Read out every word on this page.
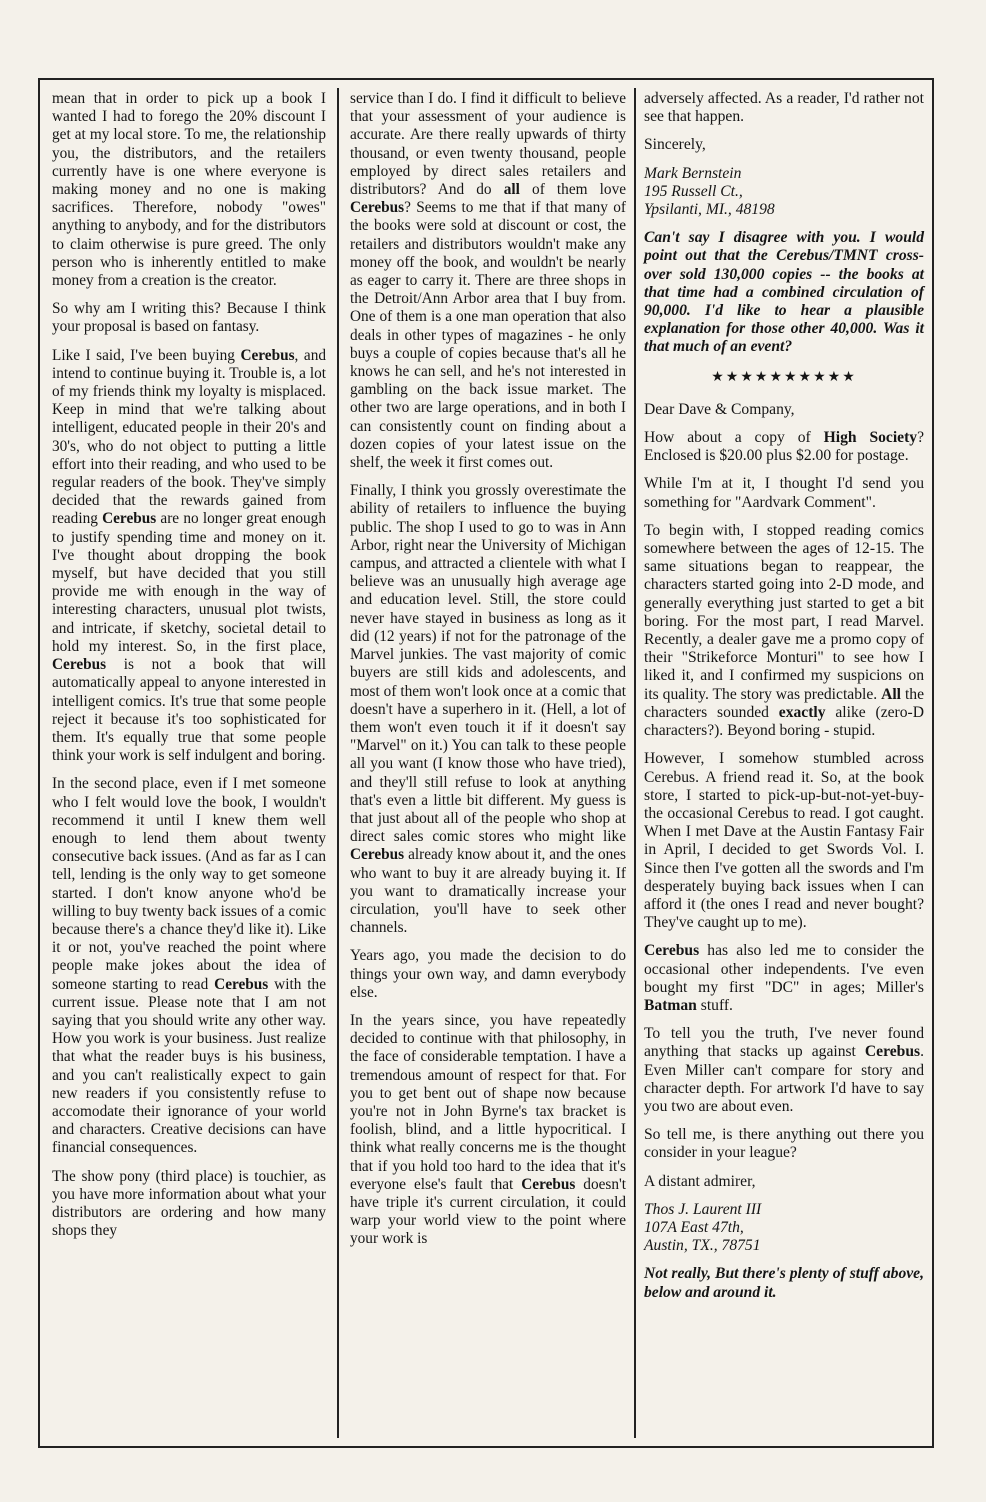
mean that in order to pick up a book I wanted I had to forego the 20% discount I get at my local store. To me, the relationship you, the distributors, and the retailers currently have is one where everyone is making money and no one is making sacrifices. Therefore, nobody "owes" anything to anybody, and for the distributors to claim otherwise is pure greed. The only person who is inherently entitled to make money from a creation is the creator.

So why am I writing this? Because I think your proposal is based on fantasy.

Like I said, I've been buying Cerebus, and intend to continue buying it. Trouble is, a lot of my friends think my loyalty is misplaced. Keep in mind that we're talking about intelligent, educated people in their 20's and 30's, who do not object to putting a little effort into their reading, and who used to be regular readers of the book. They've simply decided that the rewards gained from reading Cerebus are no longer great enough to justify spending time and money on it. I've thought about dropping the book myself, but have decided that you still provide me with enough in the way of interesting characters, unusual plot twists, and intricate, if sketchy, societal detail to hold my interest. So, in the first place, Cerebus is not a book that will automatically appeal to anyone interested in intelligent comics. It's true that some people reject it because it's too sophisticated for them. It's equally true that some people think your work is self indulgent and boring.

In the second place, even if I met someone who I felt would love the book, I wouldn't recommend it until I knew them well enough to lend them about twenty consecutive back issues. (And as far as I can tell, lending is the only way to get someone started. I don't know anyone who'd be willing to buy twenty back issues of a comic because there's a chance they'd like it). Like it or not, you've reached the point where people make jokes about the idea of someone starting to read Cerebus with the current issue. Please note that I am not saying that you should write any other way. How you work is your business. Just realize that what the reader buys is his business, and you can't realistically expect to gain new readers if you consistently refuse to accomodate their ignorance of your world and characters. Creative decisions can have financial consequences.

The show pony (third place) is touchier, as you have more information about what your distributors are ordering and how many shops they

service than I do. I find it difficult to believe that your assessment of your audience is accurate. Are there really upwards of thirty thousand, or even twenty thousand, people employed by direct sales retailers and distributors? And do all of them love Cerebus? Seems to me that if that many of the books were sold at discount or cost, the retailers and distributors wouldn't make any money off the book, and wouldn't be nearly as eager to carry it. There are three shops in the Detroit/Ann Arbor area that I buy from. One of them is a one man operation that also deals in other types of magazines - he only buys a couple of copies because that's all he knows he can sell, and he's not interested in gambling on the back issue market. The other two are large operations, and in both I can consistently count on finding about a dozen copies of your latest issue on the shelf, the week it first comes out.

Finally, I think you grossly overestimate the ability of retailers to influence the buying public. The shop I used to go to was in Ann Arbor, right near the University of Michigan campus, and attracted a clientele with what I believe was an unusually high average age and education level. Still, the store could never have stayed in business as long as it did (12 years) if not for the patronage of the Marvel junkies. The vast majority of comic buyers are still kids and adolescents, and most of them won't look once at a comic that doesn't have a superhero in it. (Hell, a lot of them won't even touch it if it doesn't say "Marvel" on it.) You can talk to these people all you want (I know those who have tried), and they'll still refuse to look at anything that's even a little bit different. My guess is that just about all of the people who shop at direct sales comic stores who might like Cerebus already know about it, and the ones who want to buy it are already buying it. If you want to dramatically increase your circulation, you'll have to seek other channels.

Years ago, you made the decision to do things your own way, and damn everybody else.

In the years since, you have repeatedly decided to continue with that philosophy, in the face of considerable temptation. I have a tremendous amount of respect for that. For you to get bent out of shape now because you're not in John Byrne's tax bracket is foolish, blind, and a little hypocritical. I think what really concerns me is the thought that if you hold too hard to the idea that it's everyone else's fault that Cerebus doesn't have triple it's current circulation, it could warp your world view to the point where your work is

adversely affected. As a reader, I'd rather not see that happen.

Sincerely,

Mark Bernstein

195 Russell Ct.,

Ypsilanti, MI., 48198

Can't say I disagree with you. I would point out that the Cerebus/TMNT cross-over sold 130,000 copies -- the books at that time had a combined circulation of 90,000. I'd like to hear a plausible explanation for those other 40,000. Was it that much of an event?

★★★★★★★★★★

Dear Dave & Company,

How about a copy of High Society? Enclosed is $20.00 plus $2.00 for postage.

While I'm at it, I thought I'd send you something for "Aardvark Comment".

To begin with, I stopped reading comics somewhere between the ages of 12-15. The same situations began to reappear, the characters started going into 2-D mode, and generally everything just started to get a bit boring. For the most part, I read Marvel. Recently, a dealer gave me a promo copy of their "Strikeforce Monturi" to see how I liked it, and I confirmed my suspicions on its quality. The story was predictable. All the characters sounded exactly alike (zero-D characters?). Beyond boring - stupid.

However, I somehow stumbled across Cerebus. A friend read it. So, at the book store, I started to pick-up-but-not-yet-buy-the occasional Cerebus to read. I got caught. When I met Dave at the Austin Fantasy Fair in April, I decided to get Swords Vol. I. Since then I've gotten all the swords and I'm desperately buying back issues when I can afford it (the ones I read and never bought? They've caught up to me).

Cerebus has also led me to consider the occasional other independents. I've even bought my first "DC" in ages; Miller's Batman stuff.

To tell you the truth, I've never found anything that stacks up against Cerebus. Even Miller can't compare for story and character depth. For artwork I'd have to say you two are about even.

So tell me, is there anything out there you consider in your league?

A distant admirer,

Thos J. Laurent III

107A East 47th,

Austin, TX., 78751

Not really, But there's plenty of stuff above, below and around it.
